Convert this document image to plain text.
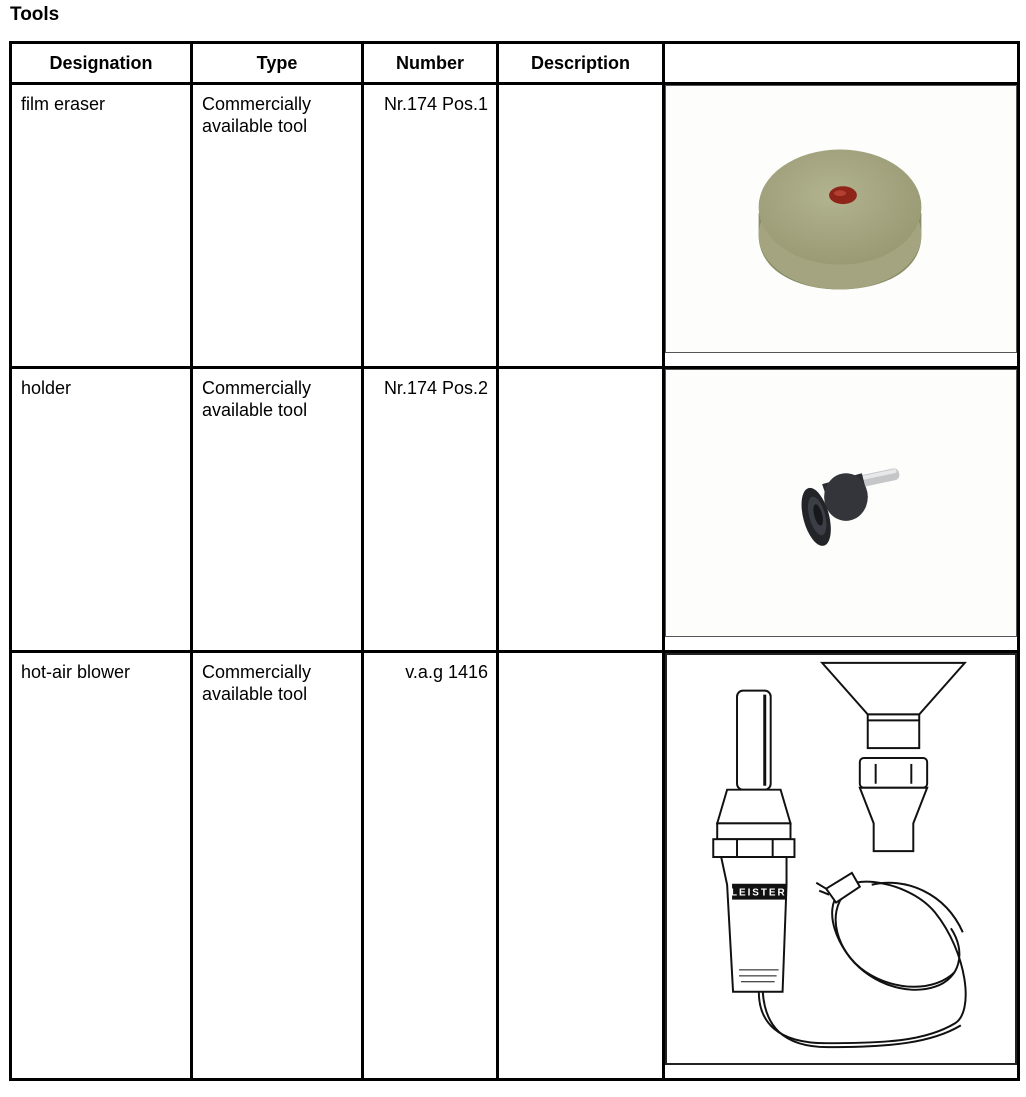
Tools
Designation	Type	Number	Description	

film eraser	Commercially available tool	Nr.174 Pos.1

holder	Commercially available tool	Nr.174 Pos.2

hot-air blower	Commercially available tool	v.a.g 1416		LEISTER
